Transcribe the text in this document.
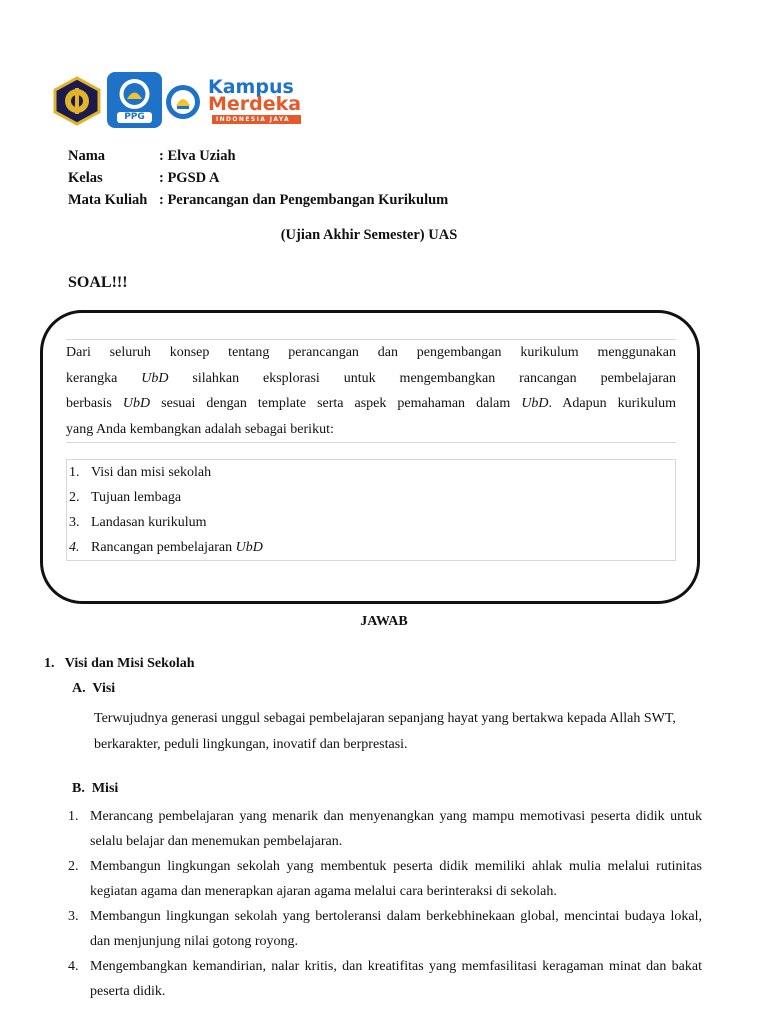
PPG
Kampus
Merdeka
INDONESIA JAYA
Nama	: Elva Uziah
Kelas	: PGSD A
Mata Kuliah : Perancangan dan Pengembangan Kurikulum
(Ujian Akhir Semester) UAS
SOAL!!!

Dari seluruh konsep tentang perancangan dan pengembangan kurikulum menggunakan

kerangka UbD silahkan eksplorasi untuk mengembangkan rancangan pembelajaran

berbasis UbD sesuai dengan template serta aspek pemahaman dalam UbD. Adapun kurikulum

yang Anda kembangkan adalah sebagai berikut:

1. Visi dan misi sekolah
2. Tujuan lembaga
3. Landasan kurikulum
4. Rancangan pembelajaran UbD
JAWAB
1.   Visi dan Misi Sekolah
A.  Visi
Terwujudnya generasi unggul sebagai pembelajaran sepanjang hayat yang bertakwa kepada Allah SWT, berkarakter, peduli lingkungan, inovatif dan berprestasi.
B.  Misi
1. Merancang pembelajaran yang menarik dan menyenangkan yang mampu memotivasi peserta didik untuk selalu belajar dan menemukan pembelajaran.
2. Membangun lingkungan sekolah yang membentuk peserta didik memiliki ahlak mulia melalui rutinitas kegiatan agama dan menerapkan ajaran agama melalui cara berinteraksi di sekolah.
3. Membangun lingkungan sekolah yang bertoleransi dalam berkebhinekaan global, mencintai budaya lokal, dan menjunjung nilai gotong royong.
4. Mengembangkan kemandirian, nalar kritis, dan kreatifitas yang memfasilitasi keragaman minat dan bakat peserta didik.
